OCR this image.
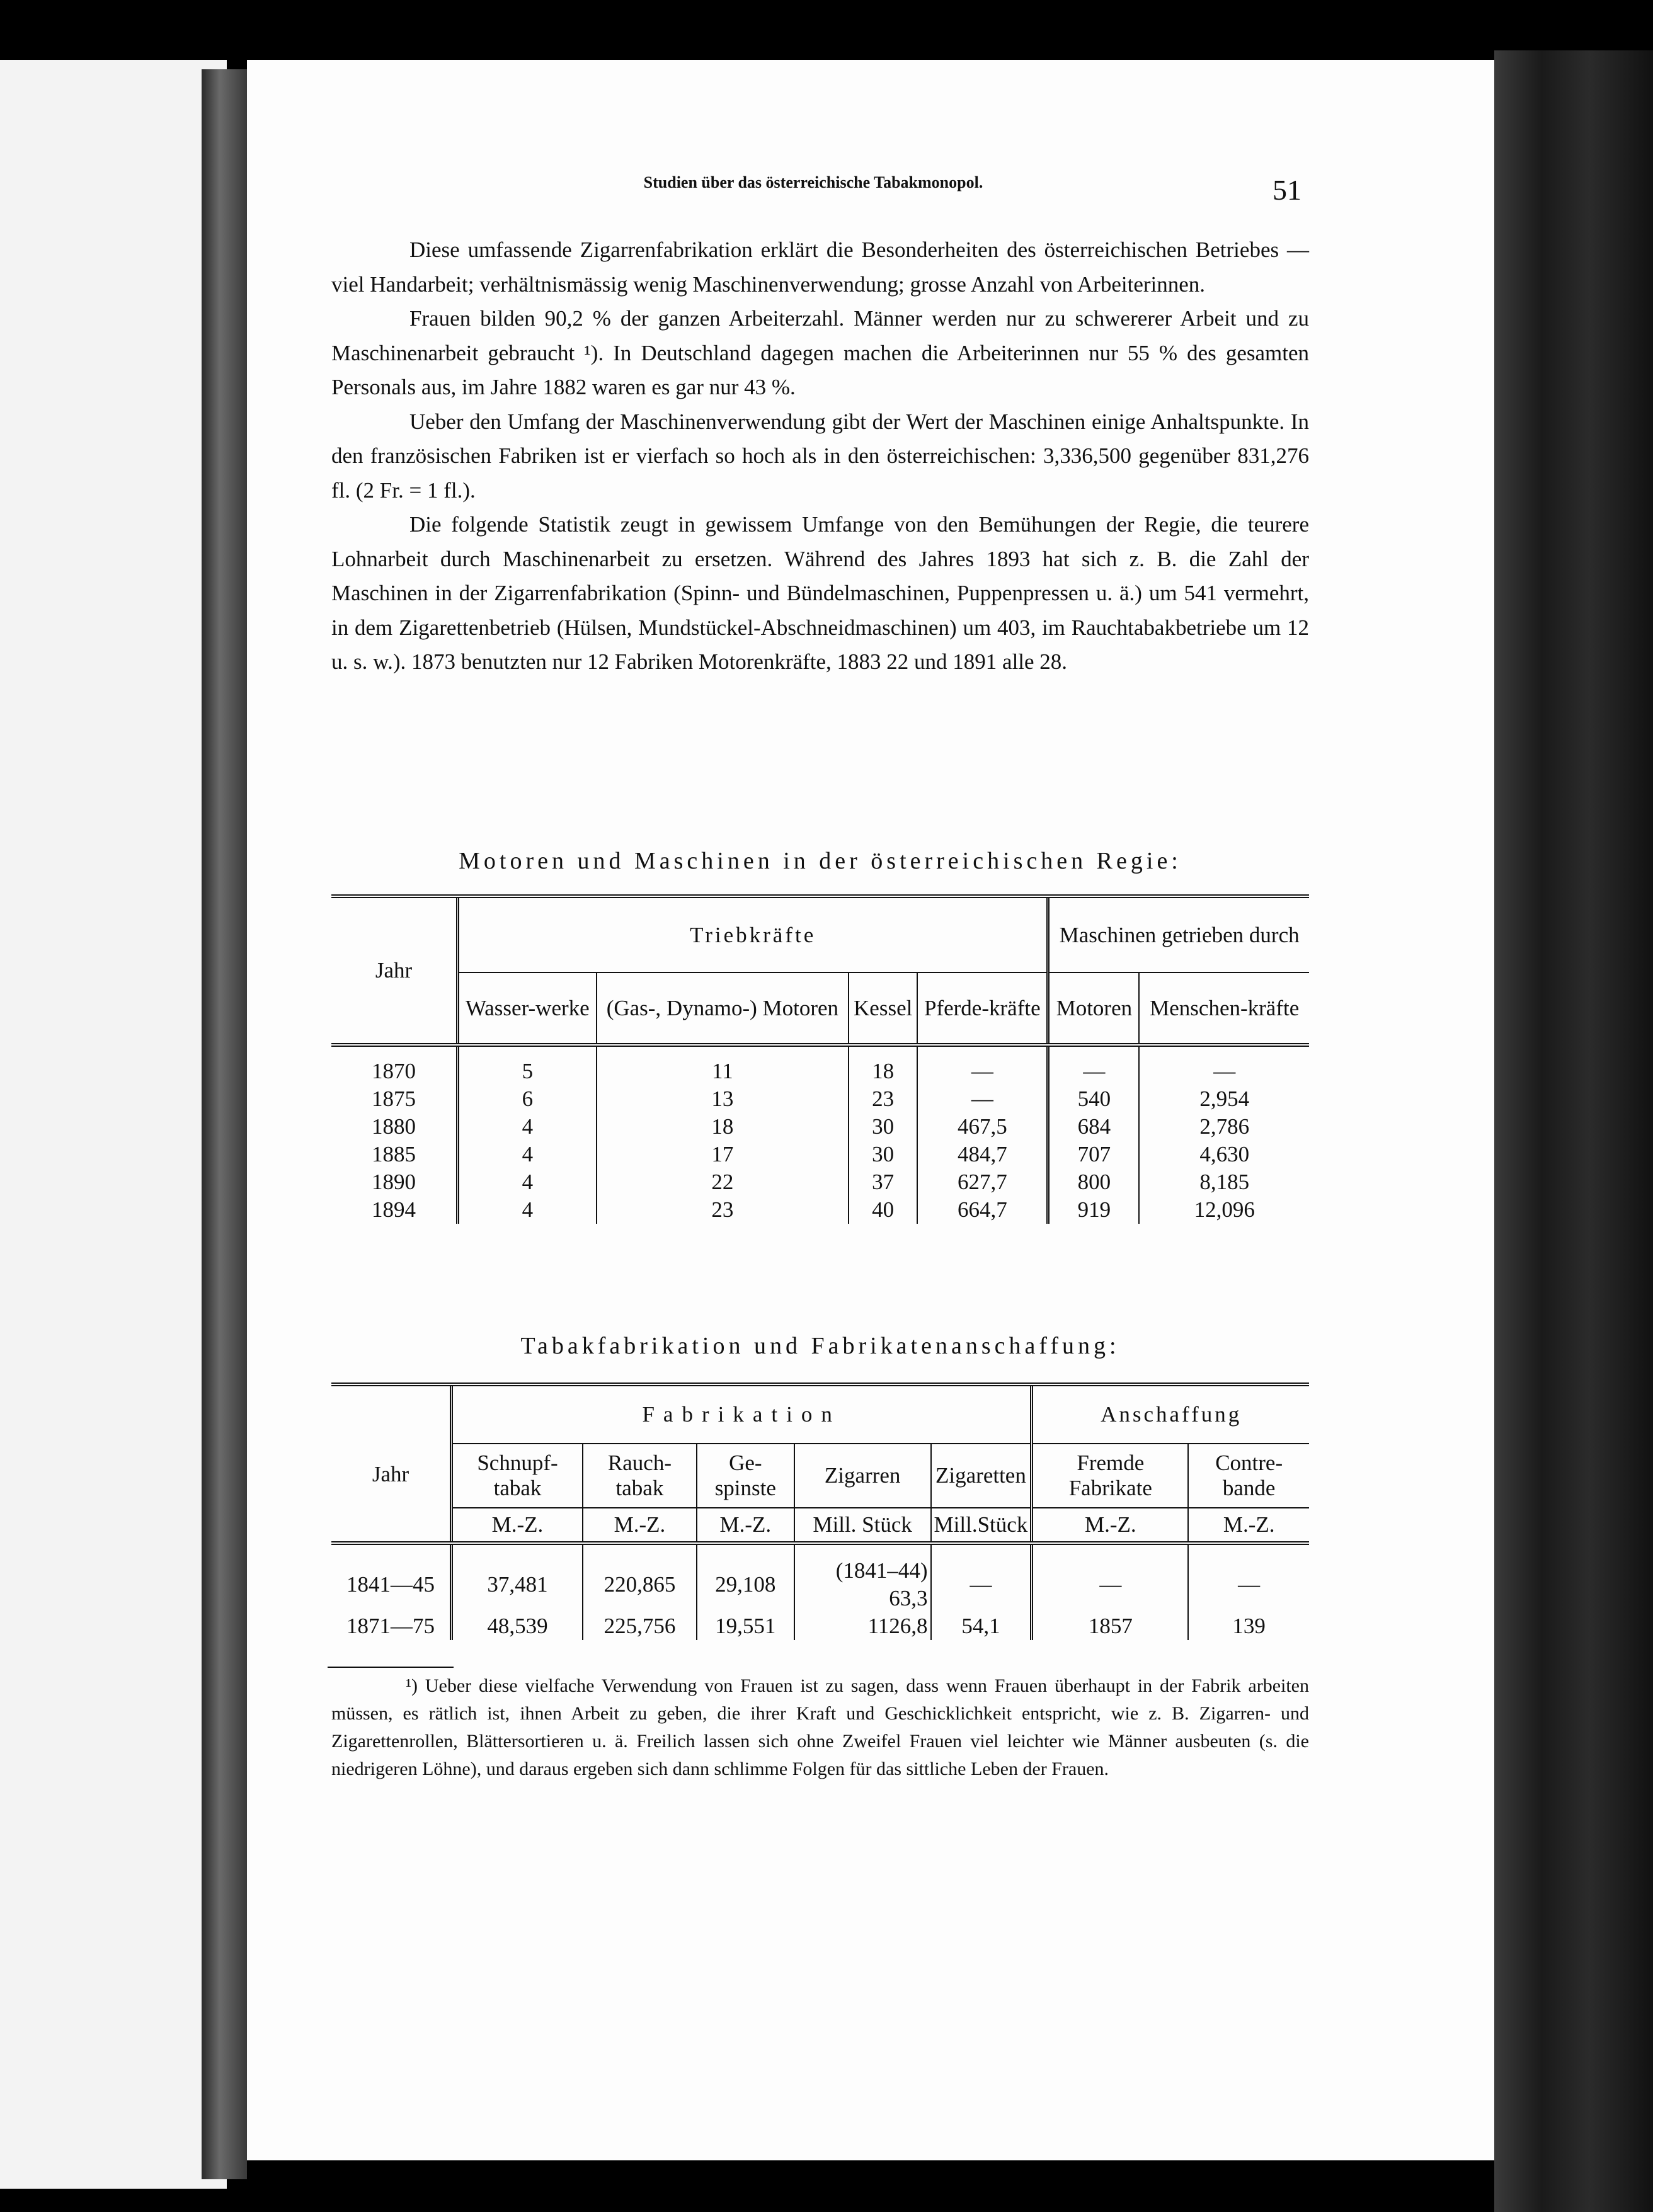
Studien über das österreichische Tabakmonopol.	51

Diese umfassende Zigarrenfabrikation erklärt die Besonderheiten des österreichischen Betriebes — viel Handarbeit; verhältnismässig wenig Maschinenverwendung; grosse Anzahl von Arbeiterinnen.

Frauen bilden 90,2 % der ganzen Arbeiterzahl. Männer werden nur zu schwererer Arbeit und zu Maschinenarbeit gebraucht ¹). In Deutschland dagegen machen die Arbeiterinnen nur 55 % des gesamten Personals aus, im Jahre 1882 waren es gar nur 43 %.

Ueber den Umfang der Maschinenverwendung gibt der Wert der Maschinen einige Anhaltspunkte. In den französischen Fabriken ist er vierfach so hoch als in den österreichischen: 3,336,500 gegenüber 831,276 fl. (2 Fr. = 1 fl.).

Die folgende Statistik zeugt in gewissem Umfange von den Bemühungen der Regie, die teurere Lohnarbeit durch Maschinenarbeit zu ersetzen. Während des Jahres 1893 hat sich z. B. die Zahl der Maschinen in der Zigarrenfabrikation (Spinn- und Bündelmaschinen, Puppenpressen u. ä.) um 541 vermehrt, in dem Zigarettenbetrieb (Hülsen, Mundstückel-Abschneidmaschinen) um 403, im Rauchtabakbetriebe um 12 u. s. w.). 1873 benutzten nur 12 Fabriken Motorenkräfte, 1883 22 und 1891 alle 28.

Motoren und Maschinen in der österreichischen Regie:
Jahr	Triebkräfte				Maschinen getrieben durch	
	Wasser-werke	(Gas-, Dynamo-) Motoren	Kessel	Pferde-kräfte	Motoren	Menschen-kräfte

1870	5	11	18	—	—	—
1875	6	13	23	—	540	2,954
1880	4	18	30	467,5	684	2,786
1885	4	17	30	484,7	707	4,630
1890	4	22	37	627,7	800	8,185
1894	4	23	40	664,7	919	12,096
Tabakfabrikation und Fabrikatenanschaffung:
Jahr	Fabrikation					Anschaffung	
	Schnupf-tabak	Rauch-tabak	Ge-spinste	Zigarren	Zigaretten	Fremde Fabrikate	Contre-bande
	M.-Z.	M.-Z.	M.-Z.	Mill. Stück	Mill.Stück	M.-Z.	M.-Z.

1841—45	37,481	220,865	29,108	(1841–44) 63,3	—	—	—
1871—75	48,539	225,756	19,551	1126,8	54,1	1857	139

¹) Ueber diese vielfache Verwendung von Frauen ist zu sagen, dass wenn Frauen überhaupt in der Fabrik arbeiten müssen, es rätlich ist, ihnen Arbeit zu geben, die ihrer Kraft und Geschicklichkeit entspricht, wie z. B. Zigarren- und Zigarettenrollen, Blättersortieren u. ä. Freilich lassen sich ohne Zweifel Frauen viel leichter wie Männer ausbeuten (s. die niedrigeren Löhne), und daraus ergeben sich dann schlimme Folgen für das sittliche Leben der Frauen.
